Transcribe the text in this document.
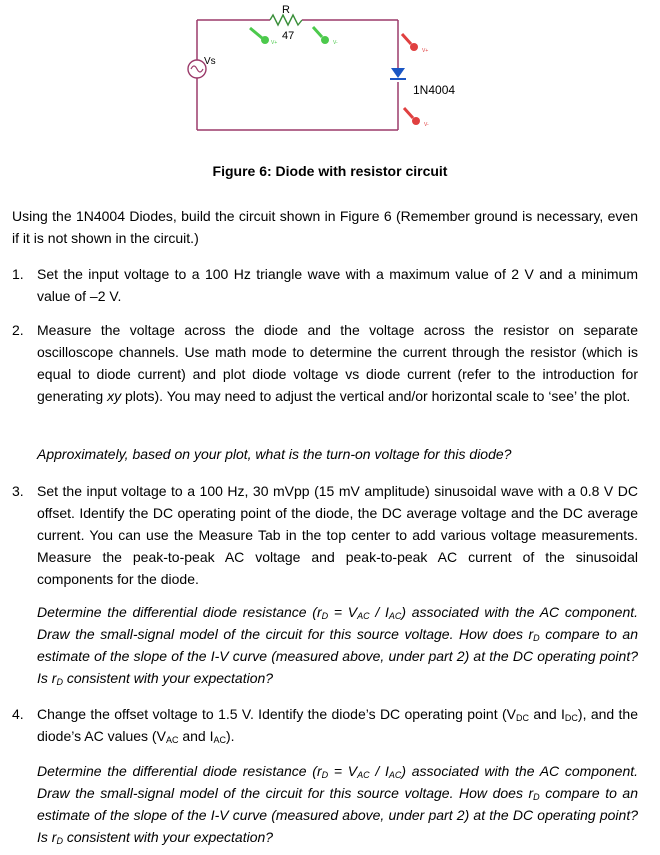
R
47
Vs
1N4004
V+	V-
V+
V-
Figure 6: Diode with resistor circuit
Using the 1N4004 Diodes, build the circuit shown in Figure 6 (Remember ground is necessary, even if it is not shown in the circuit.)
1. Set the input voltage to a 100 Hz triangle wave with a maximum value of 2 V and a minimum value of –2 V.
2. Measure the voltage across the diode and the voltage across the resistor on separate oscilloscope channels. Use math mode to determine the current through the resistor (which is equal to diode current) and plot diode voltage vs diode current (refer to the introduction for generating xy plots). You may need to adjust the vertical and/or horizontal scale to ‘see’ the plot.
Approximately, based on your plot, what is the turn-on voltage for this diode?
3. Set the input voltage to a 100 Hz, 30 mVpp (15 mV amplitude) sinusoidal wave with a 0.8 V DC offset. Identify the DC operating point of the diode, the DC average voltage and the DC average current. You can use the Measure Tab in the top center to add various voltage measurements. Measure the peak-to-peak AC voltage and peak-to-peak AC current of the sinusoidal components for the diode.
Determine the differential diode resistance $(r_D = V_{AC} / I_{AC})$ associated with the AC component. Draw the small-signal model of the circuit for this source voltage. How does $r_D$ compare to an estimate of the slope of the I-V curve (measured above, under part 2) at the DC operating point? Is $r_D$ consistent with your expectation?
4. Change the offset voltage to 1.5 V. Identify the diode’s DC operating point ($V_{DC}$ and $I_{DC}$), and the diode’s AC values ($V_{AC}$ and $I_{AC}$).
Determine the differential diode resistance $(r_D = V_{AC} / I_{AC})$ associated with the AC component. Draw the small-signal model of the circuit for this source voltage. How does $r_D$ compare to an estimate of the slope of the I-V curve (measured above, under part 2) at the DC operating point? Is $r_D$ consistent with your expectation?
